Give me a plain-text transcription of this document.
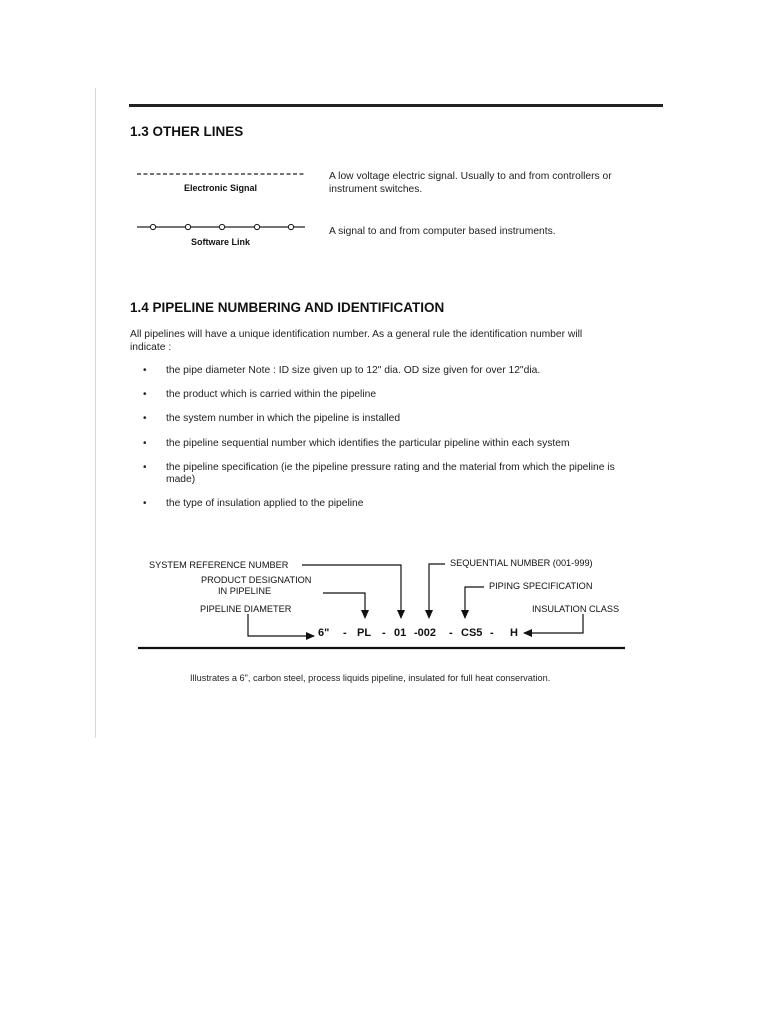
1.3 OTHER LINES
Electronic Signal
A low voltage electric signal. Usually to and from controllers or instrument switches.
Software Link
A signal to and from computer based instruments.
1.4 PIPELINE NUMBERING AND IDENTIFICATION
All pipelines will have a unique identification number. As a general rule the identification number will indicate :
• the pipe diameter Note : ID size given up to 12" dia. OD size given for over 12"dia.
• the product which is carried within the pipeline
• the system number in which the pipeline is installed
• the pipeline sequential number which identifies the particular pipeline within each system
• the pipeline specification (ie the pipeline pressure rating and the material from which the pipeline is made)
• the type of insulation applied to the pipeline
SYSTEM REFERENCE NUMBER
PRODUCT DESIGNATION
IN PIPELINE
PIPELINE DIAMETER
SEQUENTIAL NUMBER (001-999)
PIPING SPECIFICATION
INSULATION CLASS
6" - PL - 01 -002 - CS5 - H
Illustrates a 6", carbon steel, process liquids pipeline, insulated for full heat conservation.
